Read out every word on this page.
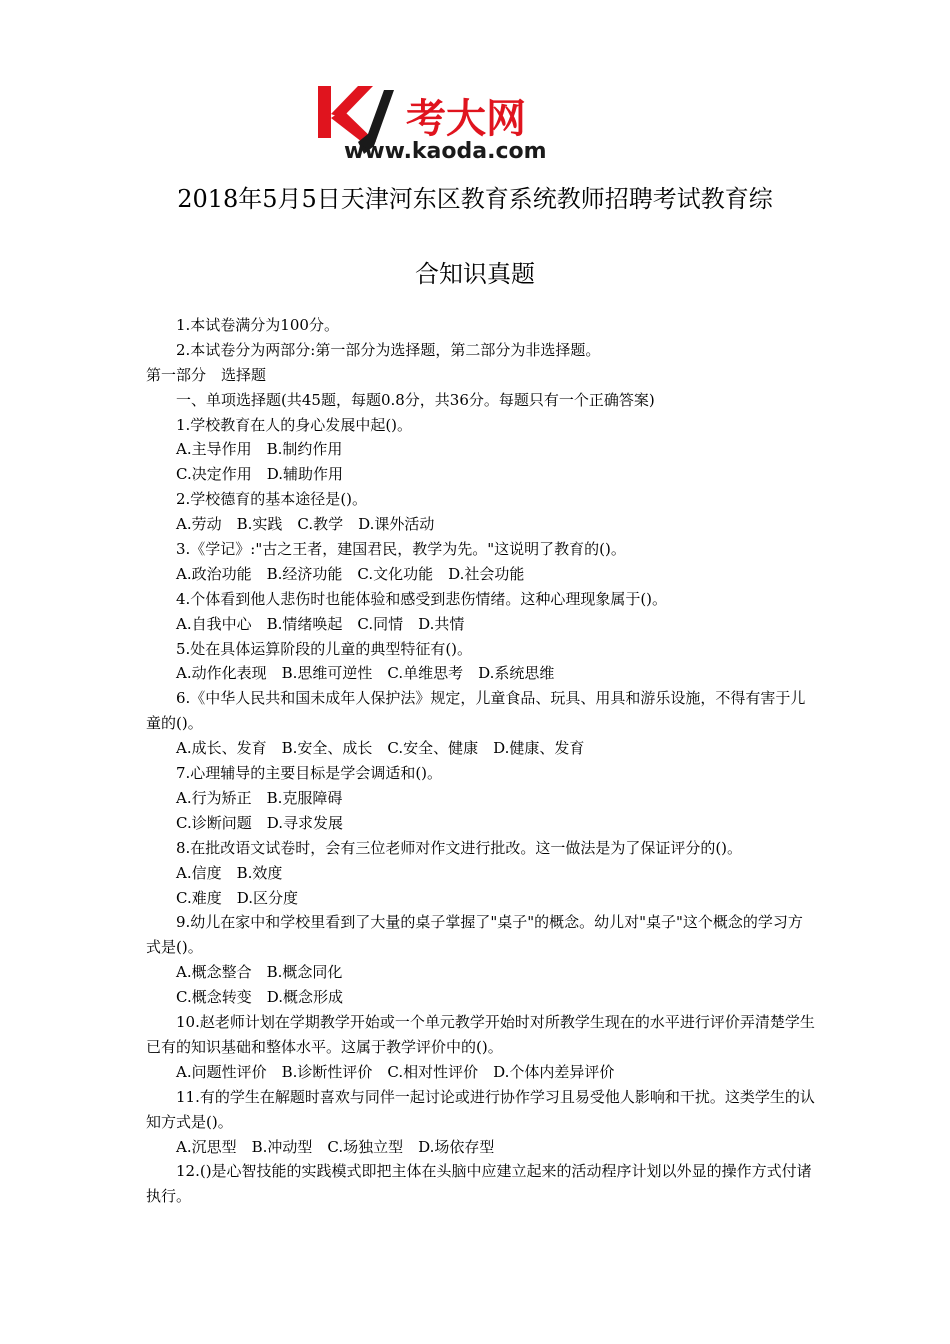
考大网
www.kaoda.com
2018年5月5日天津河东区教育系统教师招聘考试教育综
合知识真题
1.本试卷满分为100分。
2.本试卷分为两部分:第一部分为选择题，第二部分为非选择题。
第一部分　选择题
一、单项选择题(共45题，每题0.8分，共36分。每题只有一个正确答案)
1.学校教育在人的身心发展中起()。
A.主导作用　B.制约作用
C.决定作用　D.辅助作用
2.学校德育的基本途径是()。
A.劳动　B.实践　C.教学　D.课外活动
3.《学记》:"古之王者，建国君民，教学为先。"这说明了教育的()。
A.政治功能　B.经济功能　C.文化功能　D.社会功能
4.个体看到他人悲伤时也能体验和感受到悲伤情绪。这种心理现象属于()。
A.自我中心　B.情绪唤起　C.同情　D.共情
5.处在具体运算阶段的儿童的典型特征有()。
A.动作化表现　B.思维可逆性　C.单维思考　D.系统思维
6.《中华人民共和国未成年人保护法》规定，儿童食品、玩具、用具和游乐设施，不得有害于儿童的()。
A.成长、发育　B.安全、成长　C.安全、健康　D.健康、发育
7.心理辅导的主要目标是学会调适和()。
A.行为矫正　B.克服障碍
C.诊断问题　D.寻求发展
8.在批改语文试卷时，会有三位老师对作文进行批改。这一做法是为了保证评分的()。
A.信度　B.效度
C.难度　D.区分度
9.幼儿在家中和学校里看到了大量的桌子掌握了"桌子"的概念。幼儿对"桌子"这个概念的学习方式是()。
A.概念整合　B.概念同化
C.概念转变　D.概念形成
10.赵老师计划在学期教学开始或一个单元教学开始时对所教学生现在的水平进行评价弄清楚学生已有的知识基础和整体水平。这属于教学评价中的()。
A.问题性评价　B.诊断性评价　C.相对性评价　D.个体内差异评价
11.有的学生在解题时喜欢与同伴一起讨论或进行协作学习且易受他人影响和干扰。这类学生的认知方式是()。
A.沉思型　B.冲动型　C.场独立型　D.场依存型
12.()是心智技能的实践模式即把主体在头脑中应建立起来的活动程序计划以外显的操作方式付诸执行。
